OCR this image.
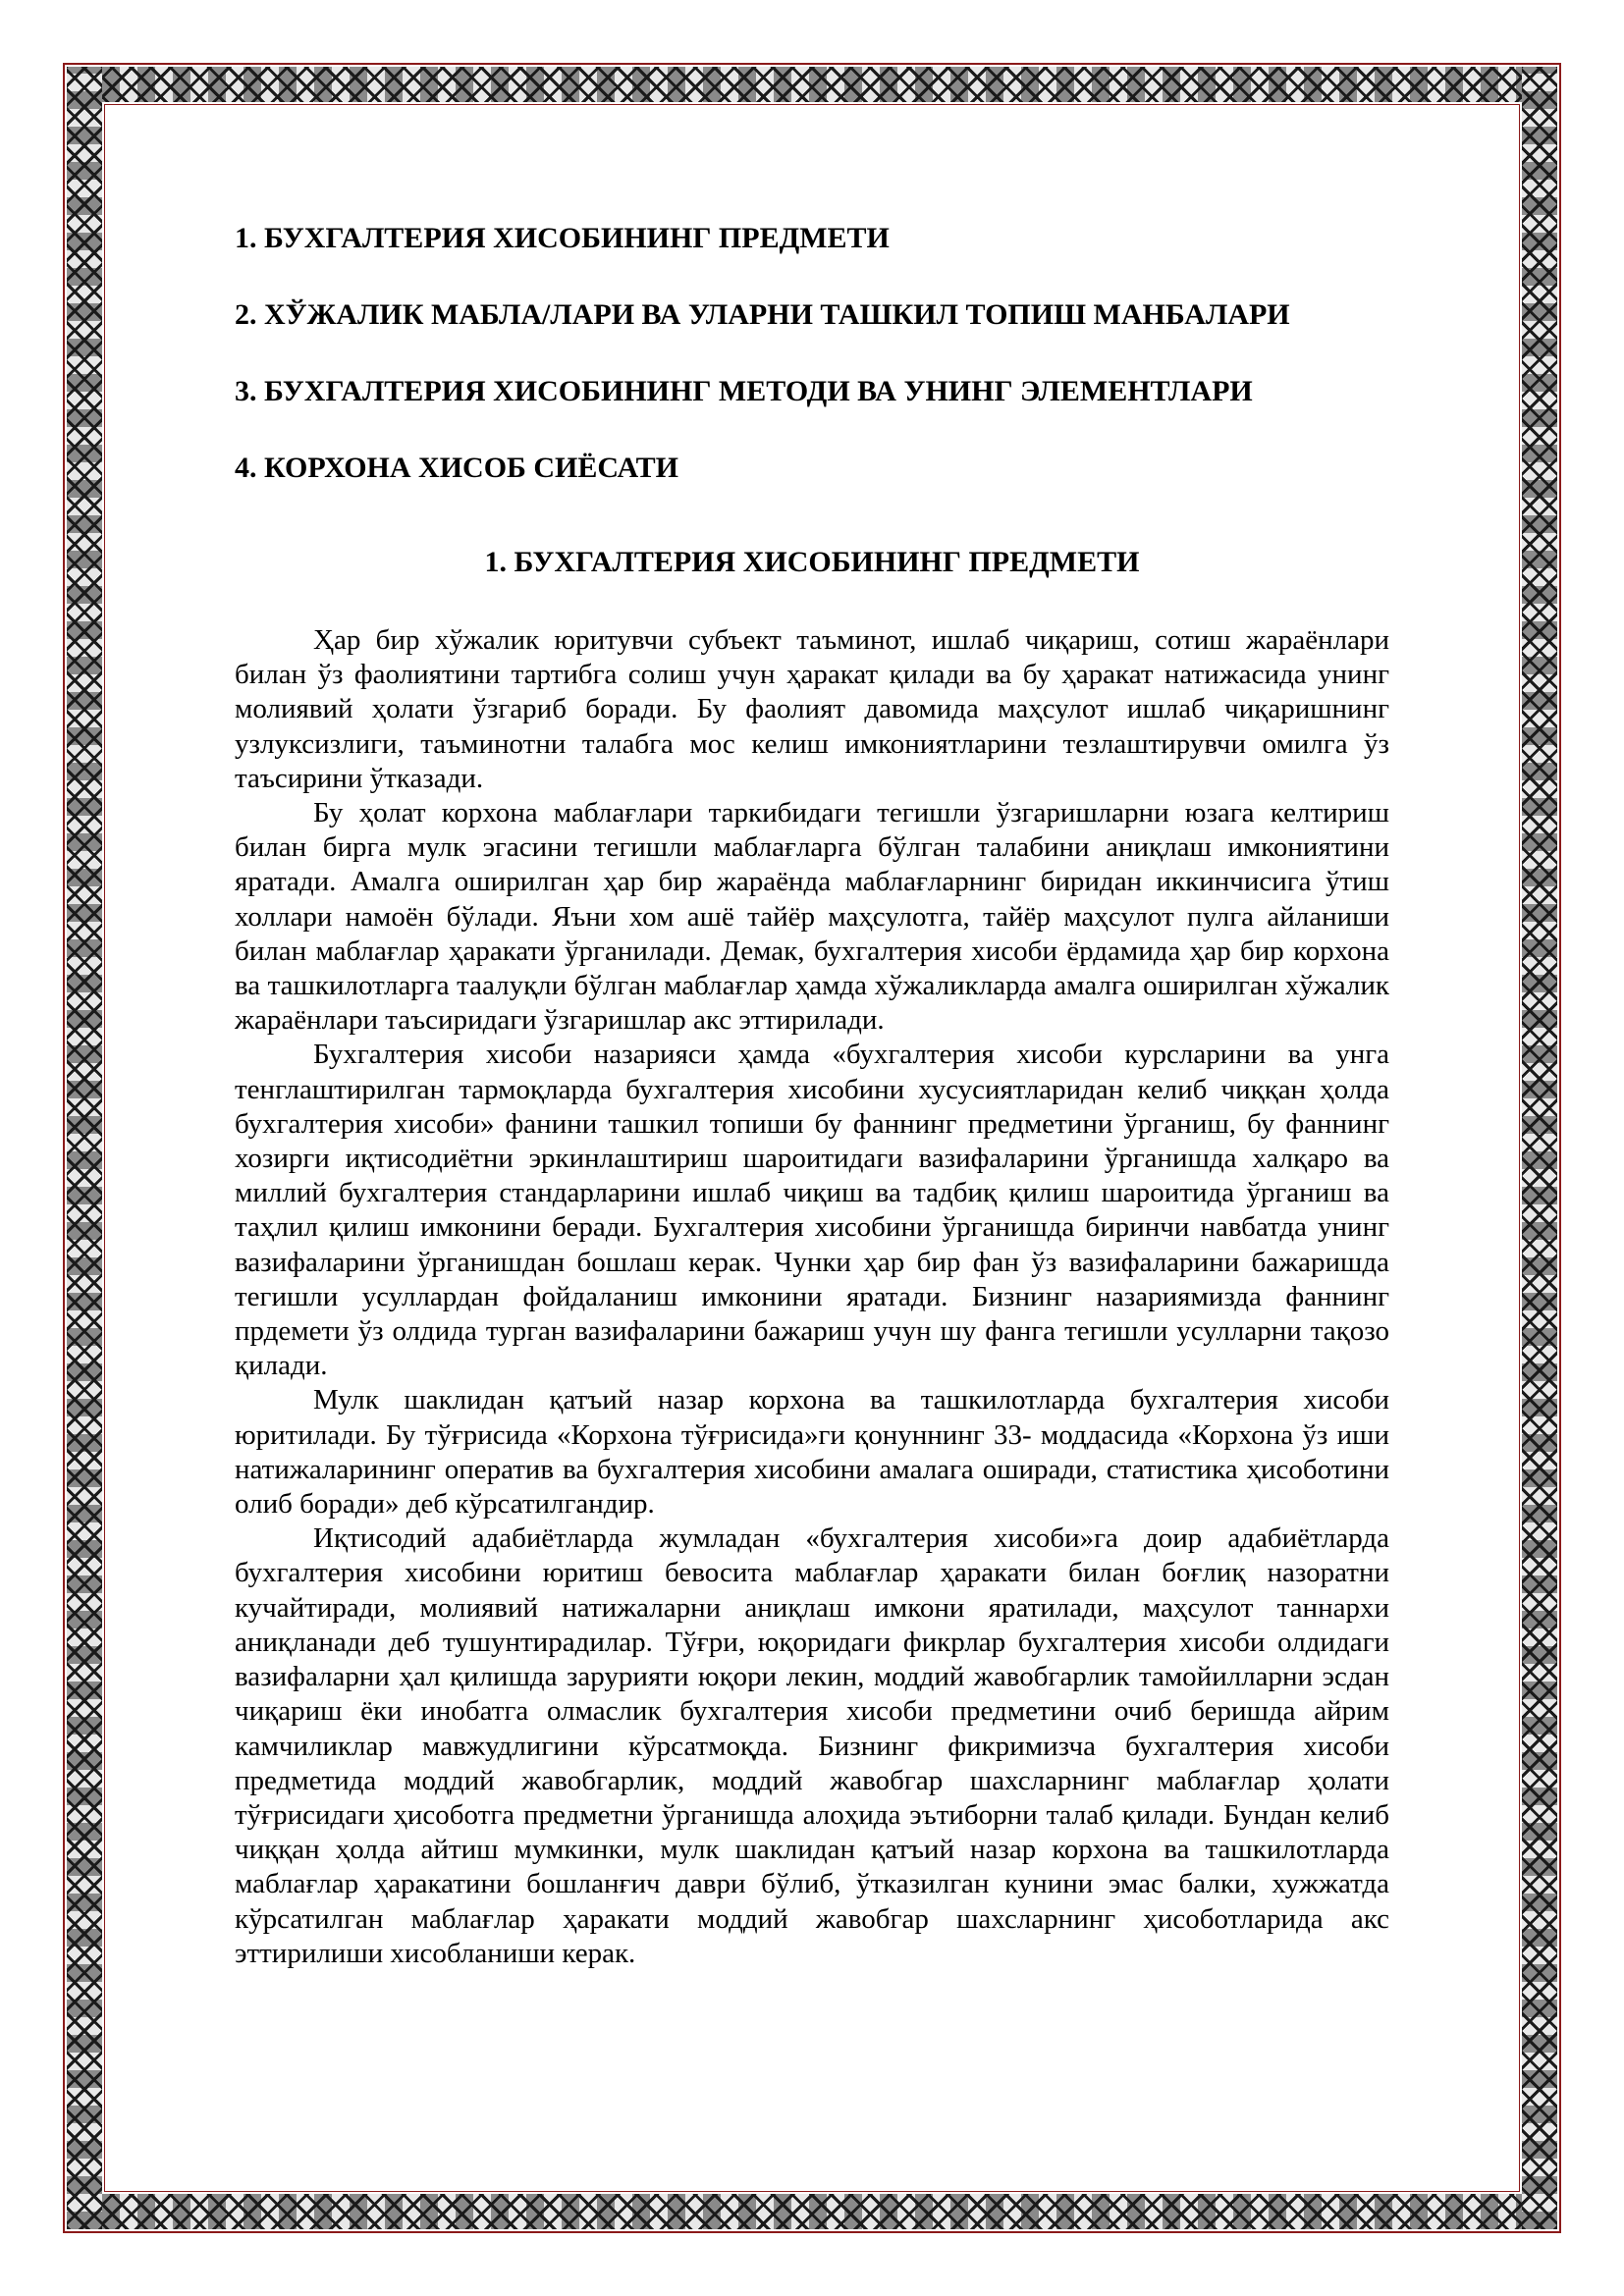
1. БУХГАЛТЕРИЯ ХИСОБИНИНГ ПРЕДМЕТИ
2. ХЎЖАЛИК МАБЛА/ЛАРИ ВА УЛАРНИ ТАШКИЛ ТОПИШ МАНБАЛАРИ
3. БУХГАЛТЕРИЯ ХИСОБИНИНГ МЕТОДИ ВА УНИНГ ЭЛЕМЕНТЛАРИ
4. КОРХОНА ХИСОБ СИЁСАТИ
1. БУХГАЛТЕРИЯ ХИСОБИНИНГ ПРЕДМЕТИ

Ҳар бир хўжалик юритувчи субъект таъминот, ишлаб чиқариш, сотиш жараёнлари билан ўз фаолиятини тартибга солиш учун ҳаракат қилади ва бу ҳаракат натижасида унинг молиявий ҳолати ўзгариб боради. Бу фаолият давомида маҳсулот ишлаб чиқаришнинг узлуксизлиги, таъминотни талабга мос келиш имкониятларини тезлаштирувчи омилга ўз таъсирини ўтказади.

Бу ҳолат корхона маблағлари таркибидаги тегишли ўзгаришларни юзага келтириш билан бирга мулк эгасини тегишли маблағларга бўлган талабини аниқлаш имкониятини яратади. Амалга оширилган ҳар бир жараёнда маблағларнинг биридан иккинчисига ўтиш холлари намоён бўлади. Яъни хом ашё тайёр маҳсулотга, тайёр маҳсулот пулга айланиши билан маблағлар ҳаракати ўрганилади. Демак, бухгалтерия хисоби ёрдамида ҳар бир корхона ва ташкилотларга таалуқли бўлган маблағлар ҳамда хўжаликларда амалга оширилган хўжалик жараёнлари таъсиридаги ўзгаришлар акс эттирилади.

Бухгалтерия хисоби назарияси ҳамда «бухгалтерия хисоби курсларини ва унга тенглаштирилган тармоқларда бухгалтерия хисобини хусусиятларидан келиб чиққан ҳолда бухгалтерия хисоби» фанини ташкил топиши бу фаннинг предметини ўрганиш, бу фаннинг хозирги иқтисодиётни эркинлаштириш шароитидаги вазифаларини ўрганишда халқаро ва миллий бухгалтерия стандарларини ишлаб чиқиш ва тадбиқ қилиш шароитида ўрганиш ва таҳлил қилиш имконини беради. Бухгалтерия хисобини ўрганишда биринчи навбатда унинг вазифаларини ўрганишдан бошлаш керак. Чунки ҳар бир фан ўз вазифаларини бажаришда тегишли усуллардан фойдаланиш имконини яратади. Бизнинг назариямизда фаннинг прдемети ўз олдида турган вазифаларини бажариш учун шу фанга тегишли усулларни тақозо қилади.

Мулк шаклидан қатъий назар корхона ва ташкилотларда бухгалтерия хисоби юритилади. Бу тўғрисида «Корхона тўғрисида»ги қонуннинг 33- моддасида «Корхона ўз иши натижаларининг оператив ва бухгалтерия хисобини амалага оширади, статистика ҳисоботини олиб боради» деб кўрсатилгандир.

Иқтисодий адабиётларда жумладан «бухгалтерия хисоби»га доир адабиётларда бухгалтерия хисобини юритиш бевосита маблағлар ҳаракати билан боғлиқ назоратни кучайтиради, молиявий натижаларни аниқлаш имкони яратилади, маҳсулот таннархи аниқланади деб тушунтирадилар. Тўғри, юқоридаги фикрлар бухгалтерия хисоби олдидаги вазифаларни ҳал қилишда зарурияти юқори лекин, моддий жавобгарлик тамойилларни эсдан чиқариш ёки инобатга олмаслик бухгалтерия хисоби предметини очиб беришда айрим камчиликлар мавжудлигини кўрсатмоқда. Бизнинг фикримизча бухгалтерия хисоби предметида моддий жавобгарлик, моддий жавобгар шахсларнинг маблағлар ҳолати тўғрисидаги ҳисоботга предметни ўрганишда алоҳида эътиборни талаб қилади. Бундан келиб чиққан ҳолда айтиш мумкинки, мулк шаклидан қатъий назар корхона ва ташкилотларда маблағлар ҳаракатини бошланғич даври бўлиб, ўтказилган кунини эмас балки, хужжатда кўрсатилган маблағлар ҳаракати моддий жавобгар шахсларнинг ҳисоботларида акс эттирилиши хисобланиши керак.
